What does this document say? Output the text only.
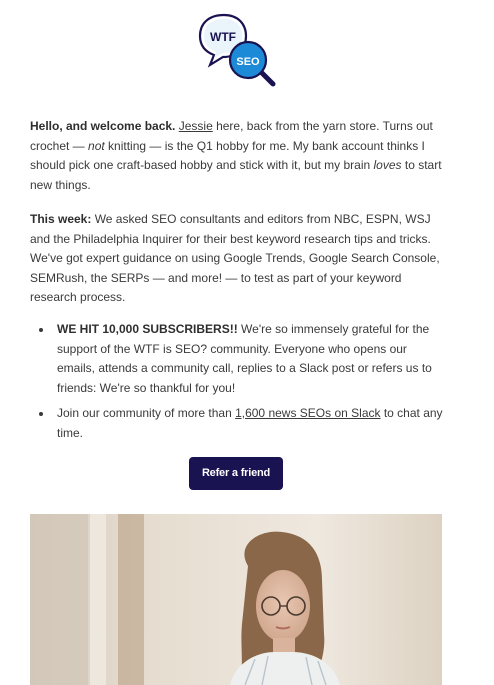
WTF
SEO
Hello, and welcome back. Jessie here, back from the yarn store. Turns out crochet — not knitting — is the Q1 hobby for me. My bank account thinks I should pick one craft-based hobby and stick with it, but my brain loves to start new things.
This week: We asked SEO consultants and editors from NBC, ESPN, WSJ and the Philadelphia Inquirer for their best keyword research tips and tricks. We've got expert guidance on using Google Trends, Google Search Console, SEMRush, the SERPs — and more! — to test as part of your keyword research process.
WE HIT 10,000 SUBSCRIBERS!! We're so immensely grateful for the support of the WTF is SEO? community. Everyone who opens our emails, attends a community call, replies to a Slack post or refers us to friends: We're so thankful for you!
Join our community of more than 1,600 news SEOs on Slack to chat any time.
Refer a friend
